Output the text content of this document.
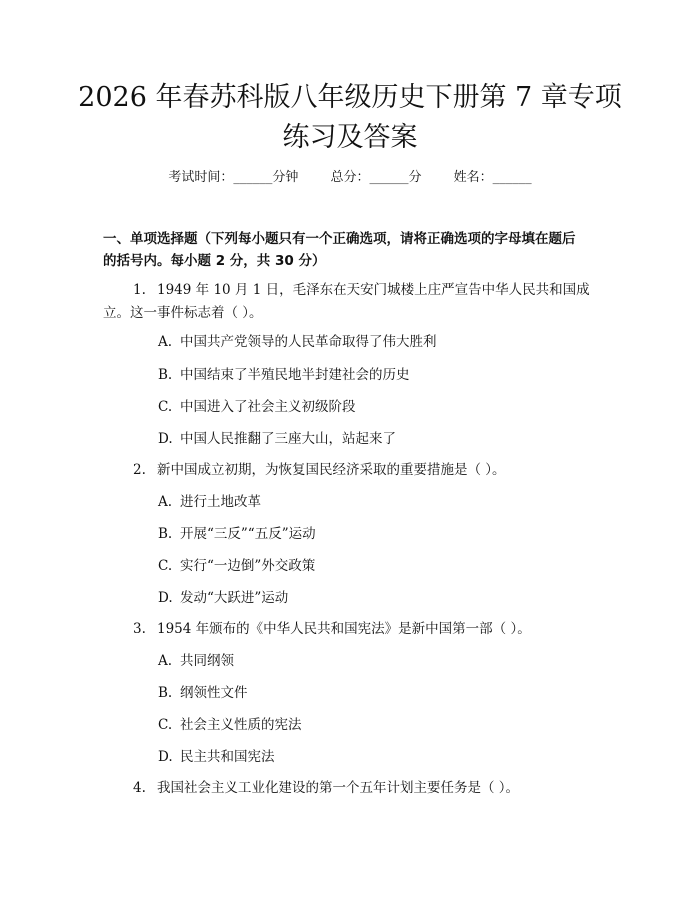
2026 年春苏科版八年级历史下册第 7 章专项
练习及答案
考试时间：______分钟 总分：______分 姓名：______
一、单项选择题（下列每小题只有一个正确选项，请将正确选项的字母填在题后
的括号内。每小题 2 分，共 30 分）
1. 1949 年 10 月 1 日，毛泽东在天安门城楼上庄严宣告中华人民共和国成
立。这一事件标志着（ ）。
A. 中国共产党领导的人民革命取得了伟大胜利
B. 中国结束了半殖民地半封建社会的历史
C. 中国进入了社会主义初级阶段
D. 中国人民推翻了三座大山，站起来了
2. 新中国成立初期，为恢复国民经济采取的重要措施是（ ）。
A. 进行土地改革
B. 开展“三反”“五反”运动
C. 实行“一边倒”外交政策
D. 发动“大跃进”运动
3. 1954 年颁布的《中华人民共和国宪法》是新中国第一部（ ）。
A. 共同纲领
B. 纲领性文件
C. 社会主义性质的宪法
D. 民主共和国宪法
4. 我国社会主义工业化建设的第一个五年计划主要任务是（ ）。
